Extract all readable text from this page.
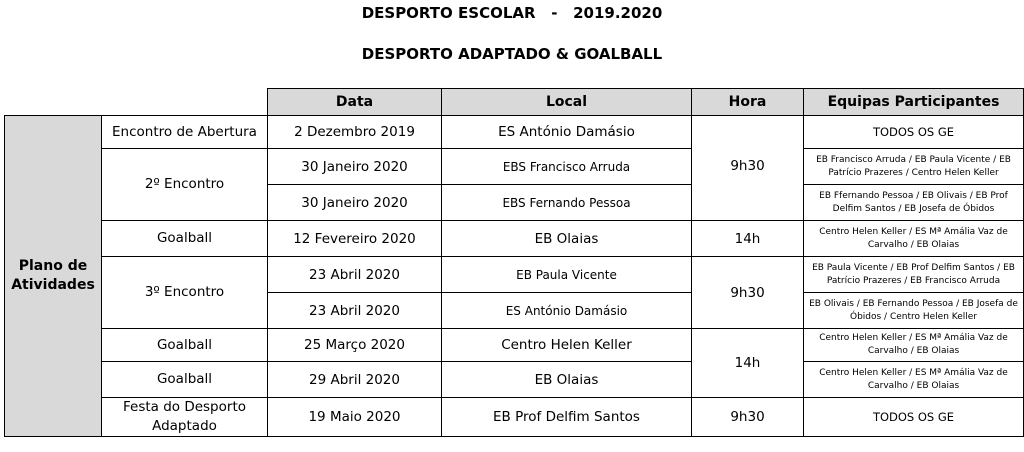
DESPORTO ESCOLAR   -   2019.2020
DESPORTO ADAPTADO & GOALBALL
		Data	Local	Hora	Equipas Participantes
Plano de
Atividades	Encontro de Abertura	2 Dezembro 2019	ES António Damásio	9h30	TODOS OS GE
	2º Encontro	30 Janeiro 2020	EBS Francisco Arruda		EB Francisco Arruda / EB Paula Vicente / EB Patrício Prazeres / Centro Helen Keller
		30 Janeiro 2020	EBS Fernando Pessoa		EB Ffernando Pessoa / EB Olivais / EB Prof Delfim Santos / EB Josefa de Óbidos
	Goalball	12 Fevereiro 2020	EB Olaias	14h	Centro Helen Keller / ES Mª Amália Vaz de Carvalho / EB Olaias
	3º Encontro	23 Abril 2020	EB Paula Vicente	9h30	EB Paula Vicente / EB Prof Delfim Santos / EB Patrício Prazeres / EB Francisco Arruda
		23 Abril 2020	ES António Damásio		EB Olivais / EB Fernando Pessoa / EB Josefa de Óbidos / Centro Helen Keller
	Goalball	25 Março 2020	Centro Helen Keller	14h	Centro Helen Keller / ES Mª Amália Vaz de Carvalho / EB Olaias
	Goalball	29 Abril 2020	EB Olaias		Centro Helen Keller / ES Mª Amália Vaz de Carvalho / EB Olaias
	Festa do Desporto Adaptado	19 Maio 2020	EB Prof Delfim Santos	9h30	TODOS OS GE
